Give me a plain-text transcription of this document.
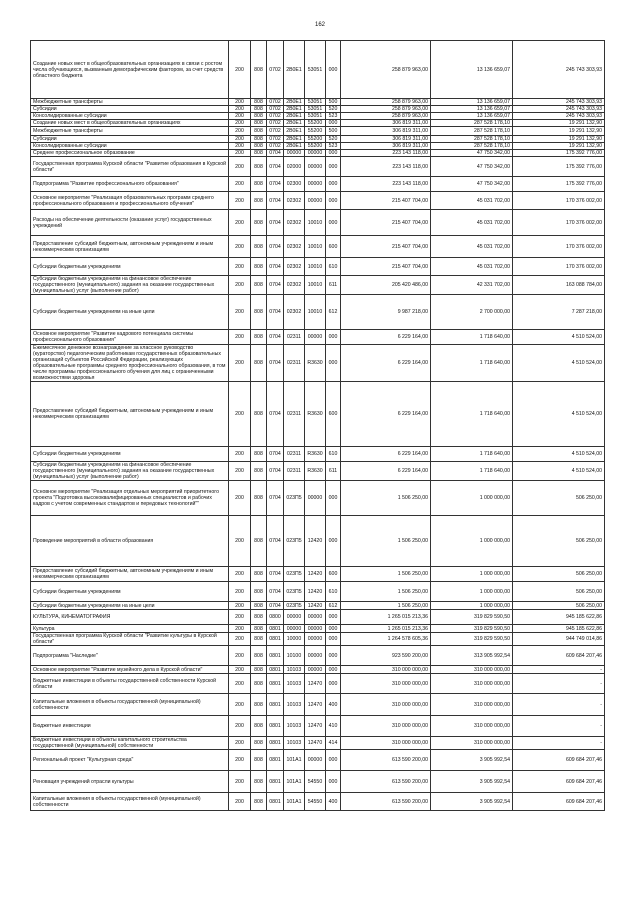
162
Создание новых мест в общеобразовательных организациях в связи с ростом числа обучающихся, вызванным демографическим фактором, за счет средств областного бюджета	200	808	0702	2В0Е1	53051	000	258 879 963,00	13 136 659,07	245 743 303,93
Межбюджетные трансферты	200	808	0702	2В0Е1	53051	500	258 879 963,00	13 136 659,07	245 743 303,93
Субсидии	200	808	0702	2В0Е1	53051	520	258 879 963,00	13 136 659,07	245 743 303,93
Консолидированные субсидии	200	808	0702	2В0Е1	53051	523	258 879 963,00	13 136 659,07	245 743 303,93
Создание новых мест в общеобразовательных организациях	200	808	0702	2В0Е1	55200	000	306 819 311,00	287 528 178,10	19 291 132,90
Межбюджетные трансферты	200	808	0702	2В0Е1	55200	500	306 819 311,00	287 528 178,10	19 291 132,90
Субсидии	200	808	0702	2В0Е1	55200	520	306 819 311,00	287 528 178,10	19 291 132,90
Консолидированные субсидии	200	808	0702	2В0Е1	55200	523	306 819 311,00	287 528 178,10	19 291 132,90
Среднее профессиональное образование	200	808	0704	00000	00000	000	223 143 118,00	47 750 342,00	175 392 776,00
Государственная программа Курской области "Развитие образования в Курской области"	200	808	0704	02000	00000	000	223 143 118,00	47 750 342,00	175 392 776,00
Подпрограмма "Развитие профессионального образования"	200	808	0704	02300	00000	000	223 143 118,00	47 750 342,00	175 392 776,00
Основное мероприятие "Реализация образовательных программ среднего профессионального образования и профессионального обучения"	200	808	0704	02302	00000	000	215 407 704,00	45 031 702,00	170 376 002,00
Расходы на обеспечение деятельности (оказание услуг) государственных учреждений	200	808	0704	02302	10010	000	215 407 704,00	45 031 702,00	170 376 002,00
Предоставление субсидий бюджетным, автономным учреждениям и иным некоммерческим организациям	200	808	0704	02302	10010	600	215 407 704,00	45 031 702,00	170 376 002,00
Субсидии бюджетным учреждениям	200	808	0704	02302	10010	610	215 407 704,00	45 031 702,00	170 376 002,00
Субсидии бюджетным учреждениям на финансовое обеспечение государственного (муниципального) задания на оказание государственных (муниципальных) услуг (выполнение работ)	200	808	0704	02302	10010	611	205 420 486,00	42 331 702,00	163 088 784,00
Субсидии бюджетным учреждениям на иные цели	200	808	0704	02302	10010	612	9 987 218,00	2 700 000,00	7 287 218,00
Основное мероприятие "Развитие кадрового потенциала системы профессионального образования"	200	808	0704	02311	00000	000	6 229 164,00	1 718 640,00	4 510 524,00
Ежемесячное денежное вознаграждение за классное руководство (кураторство) педагогическим работникам государственных образовательных организаций субъектов Российской Федерации, реализующих образовательные программы среднего профессионального образования, в том числе программы профессионального обучения для лиц с ограниченными возможностями здоровья	200	808	0704	02311	R3630	000	6 229 164,00	1 718 640,00	4 510 524,00
Предоставление субсидий бюджетным, автономным учреждениям и иным некоммерческим организациям	200	808	0704	02311	R3630	600	6 229 164,00	1 718 640,00	4 510 524,00
Субсидии бюджетным учреждениям	200	808	0704	02311	R3630	610	6 229 164,00	1 718 640,00	4 510 524,00
Субсидии бюджетным учреждениям на финансовое обеспечение государственного (муниципального) задания на оказание государственных (муниципальных) услуг (выполнение работ)	200	808	0704	02311	R3630	611	6 229 164,00	1 718 640,00	4 510 524,00
Основное мероприятие "Реализация отдельных мероприятий приоритетного проекта "Подготовка высококвалифицированных специалистов и рабочих кадров с учетом современных стандартов и передовых технологий""	200	808	0704	023П5	00000	000	1 506 250,00	1 000 000,00	506 250,00
Проведение мероприятий в области образования	200	808	0704	023П5	12420	000	1 506 250,00	1 000 000,00	506 250,00
Предоставление субсидий бюджетным, автономным учреждениям и иным некоммерческим организациям	200	808	0704	023П5	12420	600	1 506 250,00	1 000 000,00	506 250,00
Субсидии бюджетным учреждениям	200	808	0704	023П5	12420	610	1 506 250,00	1 000 000,00	506 250,00
Субсидии бюджетным учреждениям на иные цели	200	808	0704	023П5	12420	612	1 506 250,00	1 000 000,00	506 250,00
КУЛЬТУРА, КИНЕМАТОГРАФИЯ	200	808	0800	00000	00000	000	1 265 015 213,36	319 829 590,50	945 185 622,86
Культура	200	808	0801	00000	00000	000	1 265 015 213,36	319 829 590,50	945 185 622,86
Государственная программа Курской области "Развитие культуры в Курской области"	200	808	0801	10000	00000	000	1 264 578 605,36	319 829 590,50	944 749 014,86
Подпрограмма "Наследие"	200	808	0801	10100	00000	000	923 590 200,00	313 905 992,54	609 684 207,46
Основное мероприятие "Развитие музейного дела в Курской области"	200	808	0801	10103	00000	000	310 000 000,00	310 000 000,00	-
Бюджетные инвестиции в объекты государственной собственности Курской области	200	808	0801	10103	12470	000	310 000 000,00	310 000 000,00	-
Капитальные вложения в объекты государственной (муниципальной) собственности	200	808	0801	10103	12470	400	310 000 000,00	310 000 000,00	-
Бюджетные инвестиции	200	808	0801	10103	12470	410	310 000 000,00	310 000 000,00	-
Бюджетные инвестиции в объекты капитального строительства государственной (муниципальной) собственности	200	808	0801	10103	12470	414	310 000 000,00	310 000 000,00	-
Региональный проект "Культурная среда"	200	808	0801	101А1	00000	000	613 590 200,00	3 905 992,54	609 684 207,46
Реновация учреждений отрасли культуры	200	808	0801	101А1	54550	000	613 590 200,00	3 905 992,54	609 684 207,46
Капитальные вложения в объекты государственной (муниципальной) собственности	200	808	0801	101А1	54550	400	613 590 200,00	3 905 992,54	609 684 207,46
